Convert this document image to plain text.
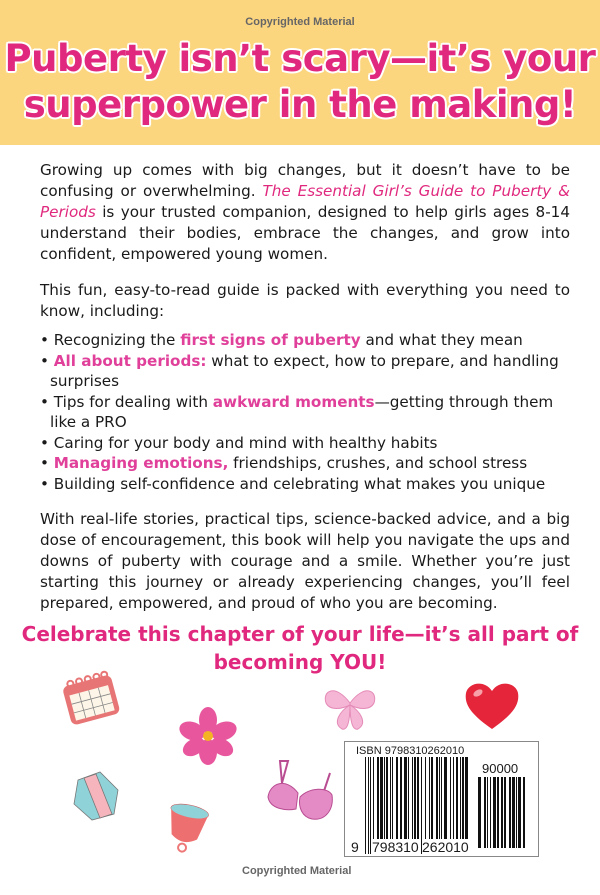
Copyrighted Material
Puberty isn’t scary—it’s your superpower in the making!

Growing up comes with big changes, but it doesn’t have to be confusing or overwhelming. The Essential Girl’s Guide to Puberty & Periods is your trusted companion, designed to help girls ages 8-14 understand their bodies, embrace the changes, and grow into confident, empowered young women.

This fun, easy-to-read guide is packed with everything you need to know, including:

• Recognizing the first signs of puberty and what they mean
• All about periods: what to expect, how to prepare, and handling surprises
• Tips for dealing with awkward moments—getting through them like a PRO
• Caring for your body and mind with healthy habits
• Managing emotions, friendships, crushes, and school stress
• Building self-confidence and celebrating what makes you unique

With real-life stories, practical tips, science-backed advice, and a big dose of encouragement, this book will help you navigate the ups and downs of puberty with courage and a smile. Whether you’re just starting this journey or already experiencing changes, you’ll feel prepared, empowered, and proud of who you are becoming.

Celebrate this chapter of your life—it’s all part of becoming YOU!
ISBN 9798310262010
90000
9 798310 262010
Copyrighted Material
